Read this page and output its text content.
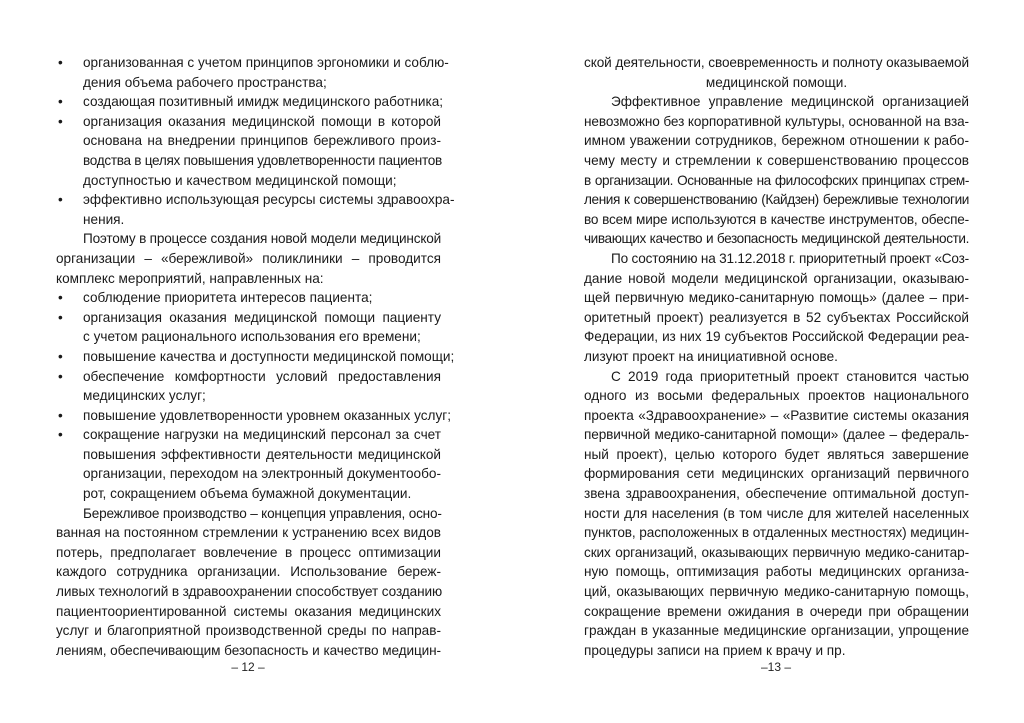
•	организованная с учетом принципов эргономики и соблю-
дения объема рабочего пространства;
•	создающая позитивный имидж медицинского работника;
•	организация оказания медицинской помощи в которой
основана на внедрении принципов бережливого произ-
водства в целях повышения удовлетворенности пациентов
доступностью и качеством медицинской помощи;
•	эффективно использующая ресурсы системы здравоохра-
нения.
Поэтому в процессе создания новой модели медицинской
организации – «бережливой» поликлиники – проводится
комплекс мероприятий, направленных на:
•	соблюдение приоритета интересов пациента;
•	организация оказания медицинской помощи пациенту
с учетом рационального использования его времени;
•	повышение качества и доступности медицинской помощи;
•	обеспечение комфортности условий предоставления
медицинских услуг;
•	повышение удовлетворенности уровнем оказанных услуг;
•	сокращение нагрузки на медицинский персонал за счет
повышения эффективности деятельности медицинской
организации, переходом на электронный документообо-
рот, сокращением объема бумажной документации.
Бережливое производство – концепция управления, осно-
ванная на постоянном стремлении к устранению всех видов
потерь, предполагает вовлечение в процесс оптимизации
каждого сотрудника организации. Использование береж-
ливых технологий в здравоохранении способствует созданию
пациентоориентированной системы оказания медицинских
услуг и благоприятной производственной среды по направ-
лениям, обеспечивающим безопасность и качество медицин-
– 12 –
ской деятельности, своевременность и полноту оказываемой
медицинской помощи.
Эффективное управление медицинской организацией
невозможно без корпоративной культуры, основанной на вза-
имном уважении сотрудников, бережном отношении к рабо-
чему месту и стремлении к совершенствованию процессов
в организации. Основанные на философских принципах стрем-
ления к совершенствованию (Кайдзен) бережливые технологии
во всем мире используются в качестве инструментов, обеспе-
чивающих качество и безопасность медицинской деятельности.
По состоянию на 31.12.2018 г. приоритетный проект «Соз-
дание новой модели медицинской организации, оказываю-
щей первичную медико-санитарную помощь» (далее – при-
оритетный проект) реализуется в 52 субъектах Российской
Федерации, из них 19 субъектов Российской Федерации реа-
лизуют проект на инициативной основе.
С 2019 года приоритетный проект становится частью
одного из восьми федеральных проектов национального
проекта «Здравоохранение» – «Развитие системы оказания
первичной медико-санитарной помощи» (далее – федераль-
ный проект), целью которого будет являться завершение
формирования сети медицинских организаций первичного
звена здравоохранения, обеспечение оптимальной доступ-
ности для населения (в том числе для жителей населенных
пунктов, расположенных в отдаленных местностях) медицин-
ских организаций, оказывающих первичную медико-санитар-
ную помощь, оптимизация работы медицинских организа-
ций, оказывающих первичную медико-санитарную помощь,
сокращение времени ожидания в очереди при обращении
граждан в указанные медицинские организации, упрощение
процедуры записи на прием к врачу и пр.
–13 –
